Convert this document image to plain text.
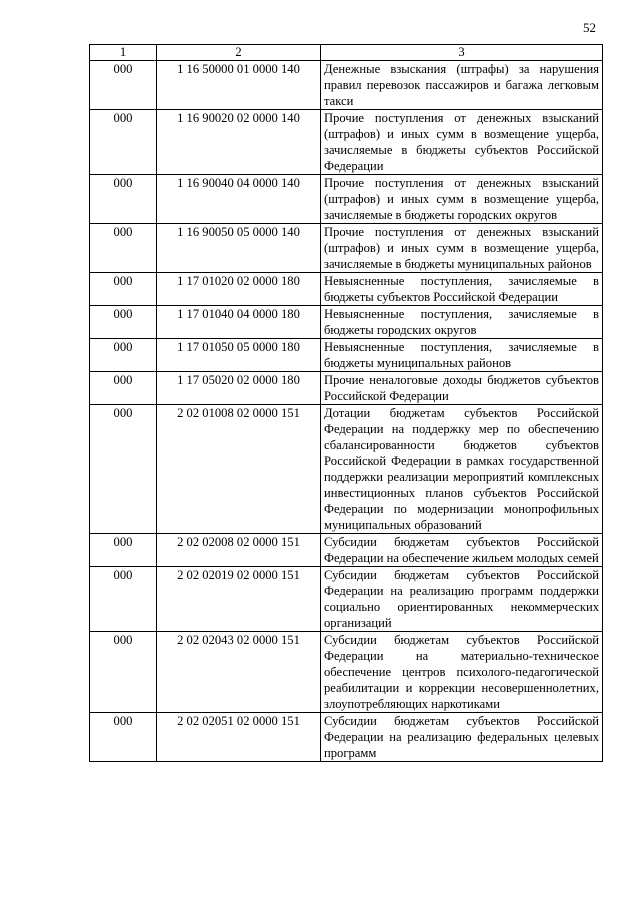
52
1	2	3
000	1 16 50000 01 0000 140	Денежные взыскания (штрафы) за нарушения правил перевозок пассажиров и багажа легковым такси
000	1 16 90020 02 0000 140	Прочие поступления от денежных взысканий (штрафов) и иных сумм в возмещение ущерба, зачисляемые в бюджеты субъектов Российской Федерации
000	1 16 90040 04 0000 140	Прочие поступления от денежных взысканий (штрафов) и иных сумм в возмещение ущерба, зачисляемые в бюджеты городских округов
000	1 16 90050 05 0000 140	Прочие поступления от денежных взысканий (штрафов) и иных сумм в возмещение ущерба, зачисляемые в бюджеты муниципальных районов
000	1 17 01020 02 0000 180	Невыясненные поступления, зачисляемые в бюджеты субъектов Российской Федерации
000	1 17 01040 04 0000 180	Невыясненные поступления, зачисляемые в бюджеты городских округов
000	1 17 01050 05 0000 180	Невыясненные поступления, зачисляемые в бюджеты муниципальных районов
000	1 17 05020 02 0000 180	Прочие неналоговые доходы бюджетов субъектов Российской Федерации
000	2 02 01008 02 0000 151	Дотации бюджетам субъектов Российской Федерации на поддержку мер по обеспечению сбалансированности бюджетов субъектов Российской Федерации в рамках государственной поддержки реализации мероприятий комплексных инвестиционных планов субъектов Российской Федерации по модернизации монопрофильных муниципальных образований
000	2 02 02008 02 0000 151	Субсидии бюджетам субъектов Российской Федерации на обеспечение жильем молодых семей
000	2 02 02019 02 0000 151	Субсидии бюджетам субъектов Российской Федерации на реализацию программ поддержки социально ориентированных некоммерческих организаций
000	2 02 02043 02 0000 151	Субсидии бюджетам субъектов Российской Федерации на материально-техническое обеспечение центров психолого-педагогической реабилитации и коррекции несовершеннолетних, злоупотребляющих наркотиками
000	2 02 02051 02 0000 151	Субсидии бюджетам субъектов Российской Федерации на реализацию федеральных целевых программ
